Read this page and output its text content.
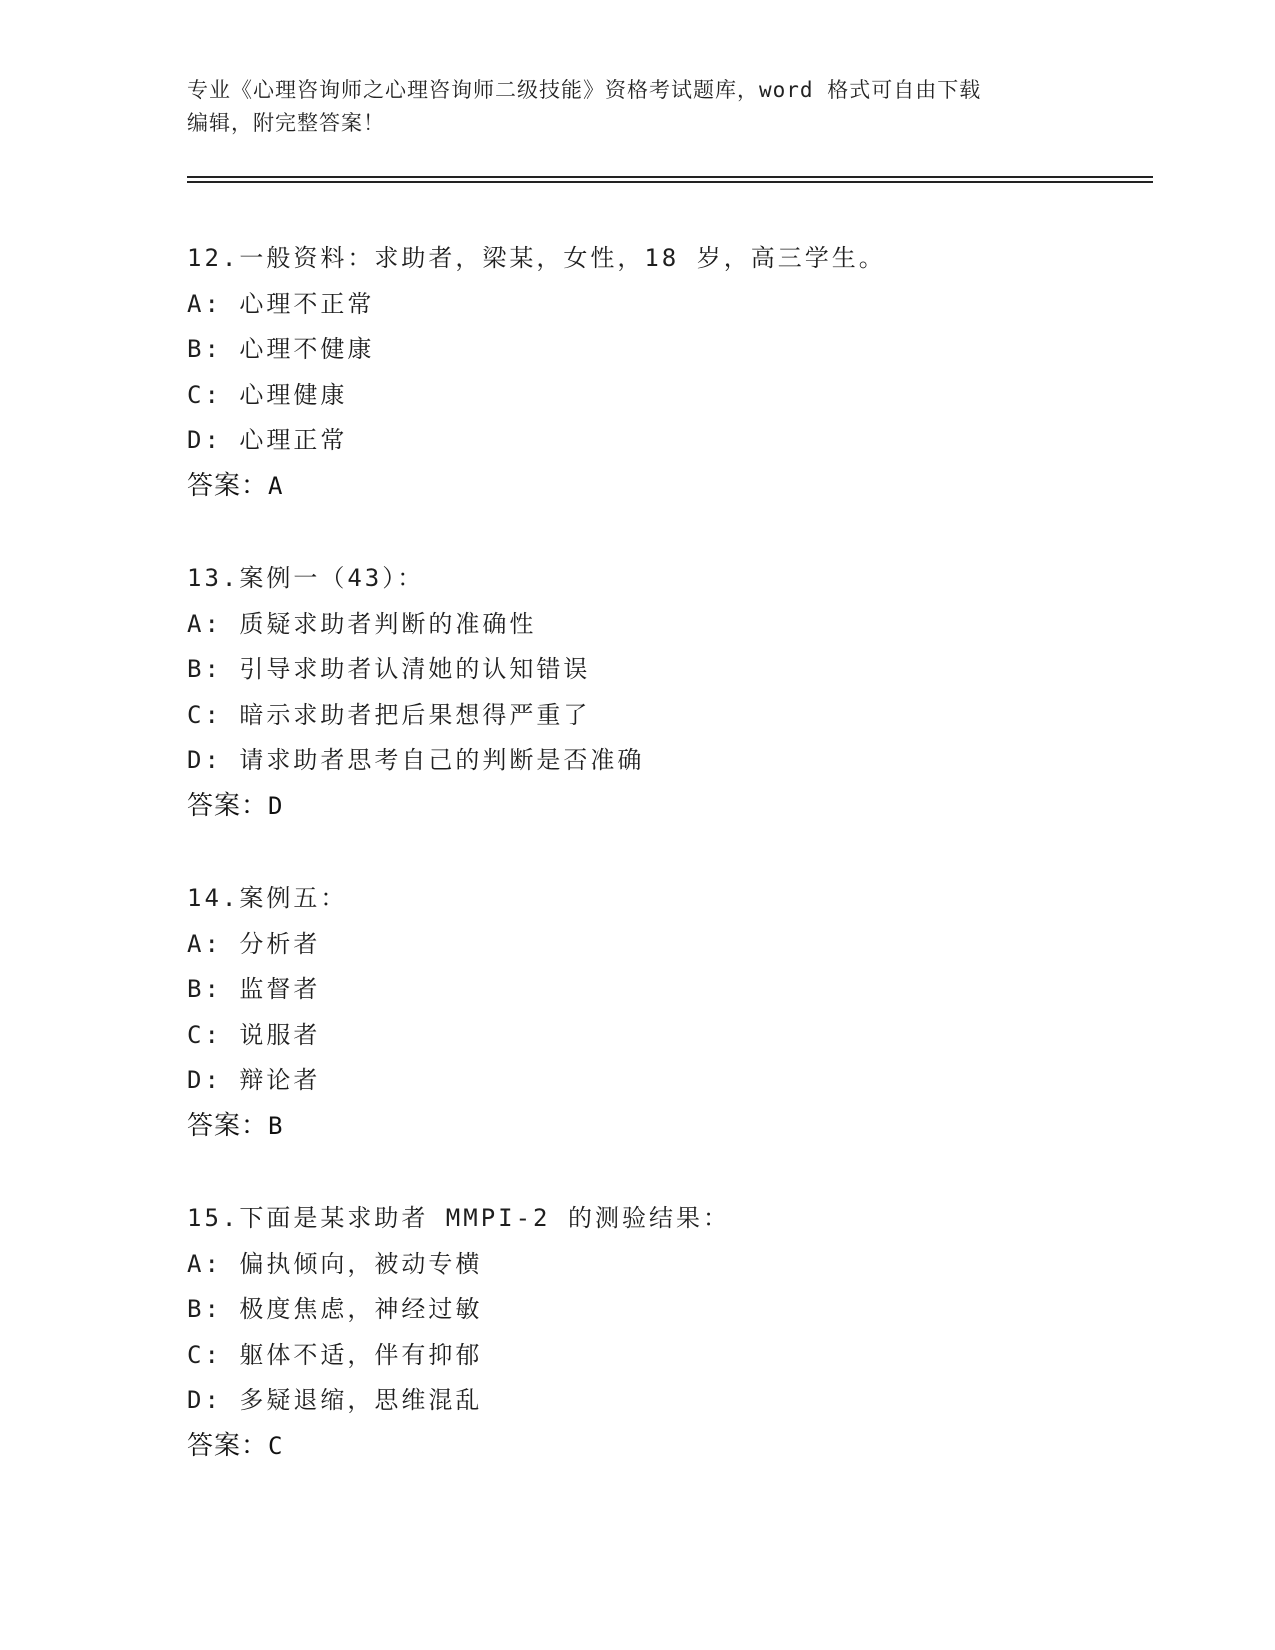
专业《心理咨询师之心理咨询师二级技能》资格考试题库，word 格式可自由下载
编辑，附完整答案！
12.一般资料：求助者，梁某，女性，18 岁，高三学生。
A: 心理不正常
B: 心理不健康
C: 心理健康
D: 心理正常
答案：A
13.案例一（43）：
A: 质疑求助者判断的准确性
B: 引导求助者认清她的认知错误
C: 暗示求助者把后果想得严重了
D: 请求助者思考自己的判断是否准确
答案：D
14.案例五：
A: 分析者
B: 监督者
C: 说服者
D: 辩论者
答案：B
15.下面是某求助者 MMPI-2 的测验结果：
A: 偏执倾向，被动专横
B: 极度焦虑，神经过敏
C: 躯体不适，伴有抑郁
D: 多疑退缩，思维混乱
答案：C
